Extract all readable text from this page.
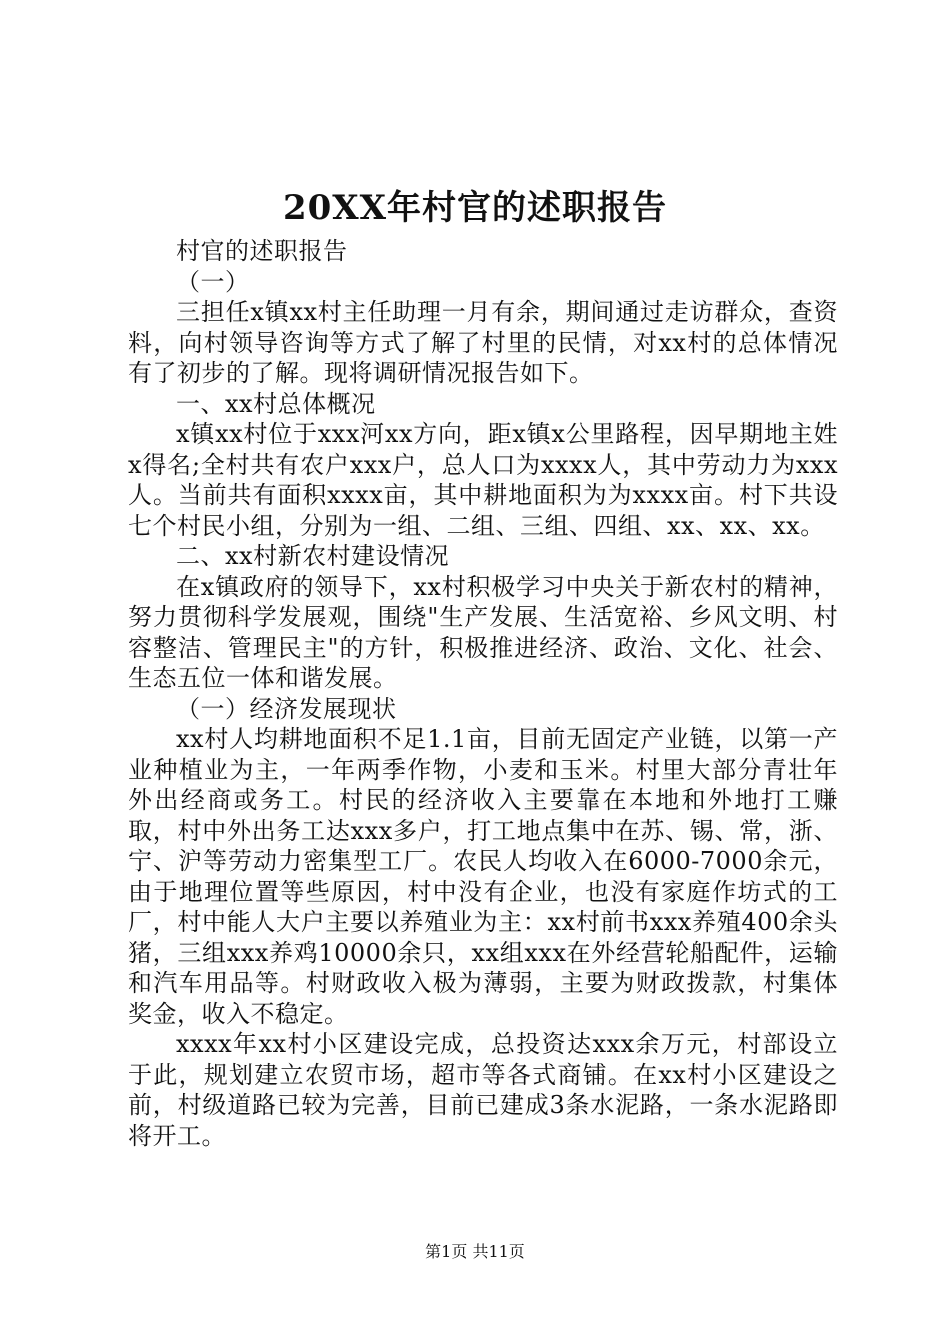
20XX年村官的述职报告

村官的述职报告

（一）

三担任x镇xx村主任助理一月有余，期间通过走访群众，查资料，向村领导咨询等方式了解了村里的民情，对xx村的总体情况有了初步的了解。现将调研情况报告如下。

一、xx村总体概况

x镇xx村位于xxx河xx方向，距x镇x公里路程，因早期地主姓x得名;全村共有农户xxx户，总人口为xxxx人，其中劳动力为xxx人。当前共有面积xxxx亩，其中耕地面积为为xxxx亩。村下共设七个村民小组，分别为一组、二组、三组、四组、xx、xx、xx。

二、xx村新农村建设情况

在x镇政府的领导下，xx村积极学习中央关于新农村的精神，努力贯彻科学发展观，围绕"生产发展、生活宽裕、乡风文明、村容整洁、管理民主"的方针，积极推进经济、政治、文化、社会、生态五位一体和谐发展。

（一）经济发展现状

xx村人均耕地面积不足1.1亩，目前无固定产业链，以第一产业种植业为主，一年两季作物，小麦和玉米。村里大部分青壮年外出经商或务工。村民的经济收入主要靠在本地和外地打工赚取，村中外出务工达xxx多户，打工地点集中在苏、锡、常，浙、宁、沪等劳动力密集型工厂。农民人均收入在6000-7000余元，由于地理位置等些原因，村中没有企业，也没有家庭作坊式的工厂，村中能人大户主要以养殖业为主：xx村前书xxx养殖400余头猪，三组xxx养鸡10000余只，xx组xxx在外经营轮船配件，运输和汽车用品等。村财政收入极为薄弱，主要为财政拨款，村集体奖金，收入不稳定。

xxxx年xx村小区建设完成，总投资达xxx余万元，村部设立于此，规划建立农贸市场，超市等各式商铺。在xx村小区建设之前，村级道路已较为完善，目前已建成3条水泥路，一条水泥路即将开工。

第1页 共11页
